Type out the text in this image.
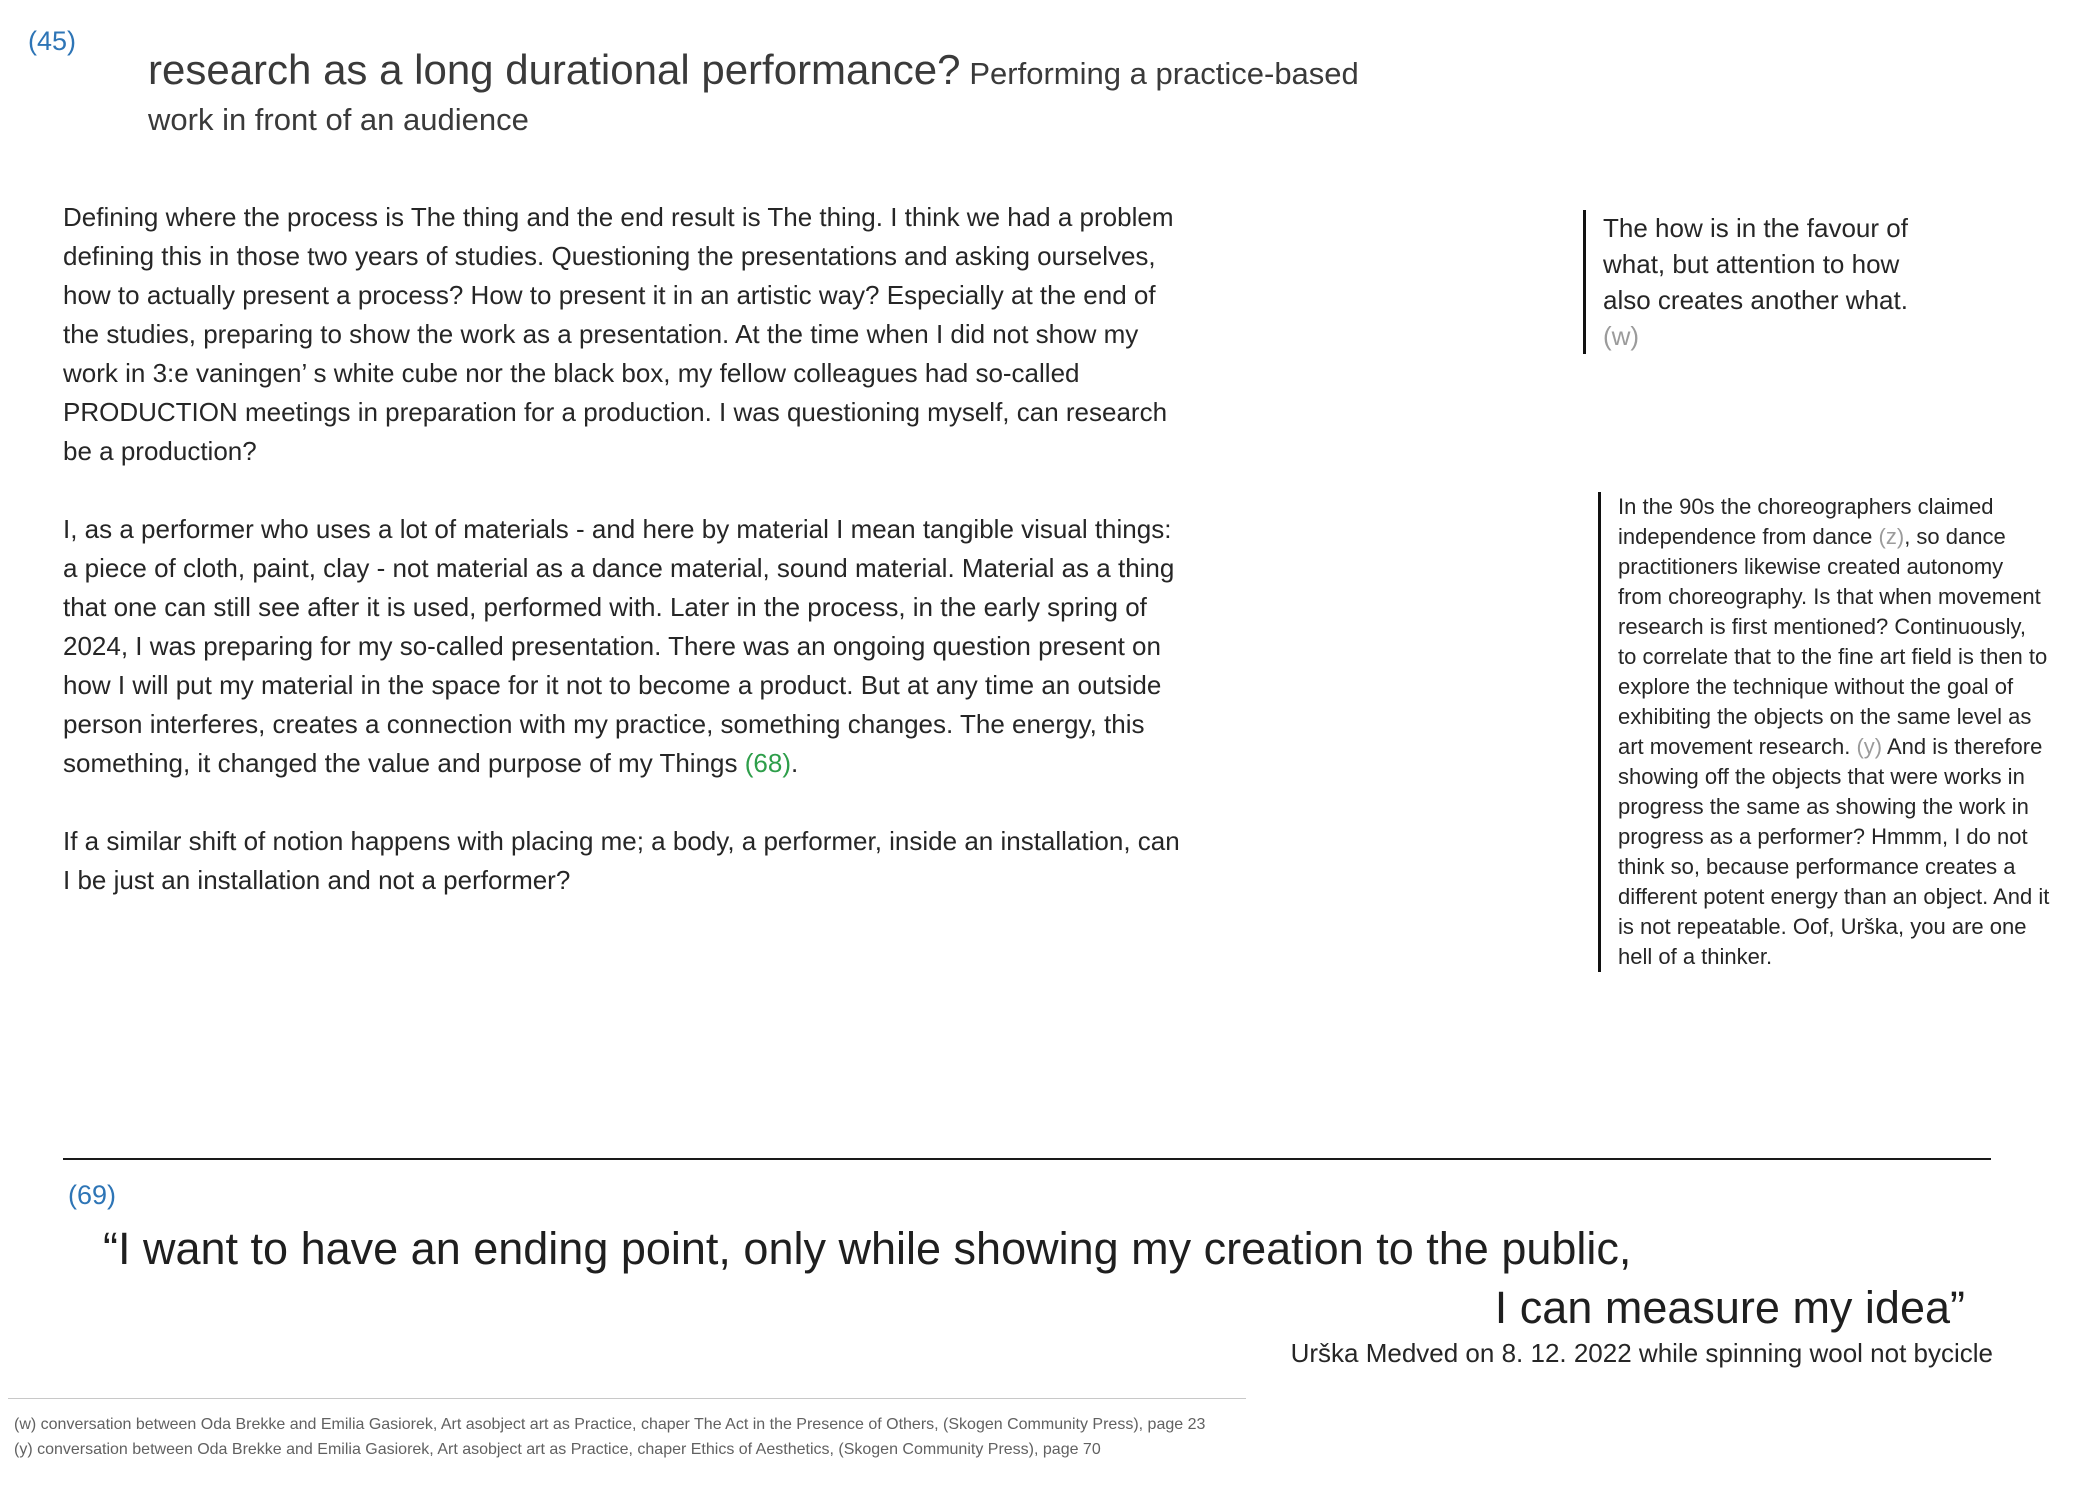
(45)
research as a long durational performance? Performing a practice-based
work in front of an audience

Defining where the process is The thing and the end result is The thing. I think we had a problem defining this in those two years of studies. Questioning the presentations and asking ourselves, how to actually present a process? How to present it in an artistic way? Especially at the end of the studies, preparing to show the work as a presentation. At the time when I did not show my work in 3:e vaningen’ s white cube nor the black box, my fellow colleagues had so-called PRODUCTION meetings in preparation for a production. I was questioning myself, can research be a production?

I, as a performer who uses a lot of materials - and here by material I mean tangible visual things: a piece of cloth, paint, clay - not material as a dance material, sound material. Material as a thing that one can still see after it is used, performed with. Later in the process, in the early spring of 2024, I was preparing for my so-called presentation. There was an ongoing question present on how I will put my material in the space for it not to become a product. But at any time an outside person interferes, creates a connection with my practice, something changes. The energy, this something, it changed the value and purpose of my Things (68).

If a similar shift of notion happens with placing me; a body, a performer, inside an installation, can I be just an installation and not a performer?

The how is in the favour of what, but attention to how also creates another what.
(w)
In the 90s the choreographers claimed independence from dance (z), so dance practitioners likewise created autonomy from choreography. Is that when movement research is first mentioned? Continuously, to correlate that to the fine art field is then to explore the technique without the goal of exhibiting the objects on the same level as art movement research. (y) And is therefore showing off the objects that were works in progress the same as showing the work in progress as a performer? Hmmm, I do not think so, because performance creates a different potent energy than an object. And it is not repeatable. Oof, Urška, you are one hell of a thinker.
(69)
“I want to have an ending point, only while showing my creation to the public,
I can measure my idea”
Urška Medved on 8. 12. 2022 while spinning wool not bycicle
(w) conversation between Oda Brekke and Emilia Gasiorek, Art asobject art as Practice, chaper The Act in the Presence of Others, (Skogen Community Press), page 23
(y) conversation between Oda Brekke and Emilia Gasiorek, Art asobject art as Practice, chaper Ethics of Aesthetics, (Skogen Community Press), page 70
